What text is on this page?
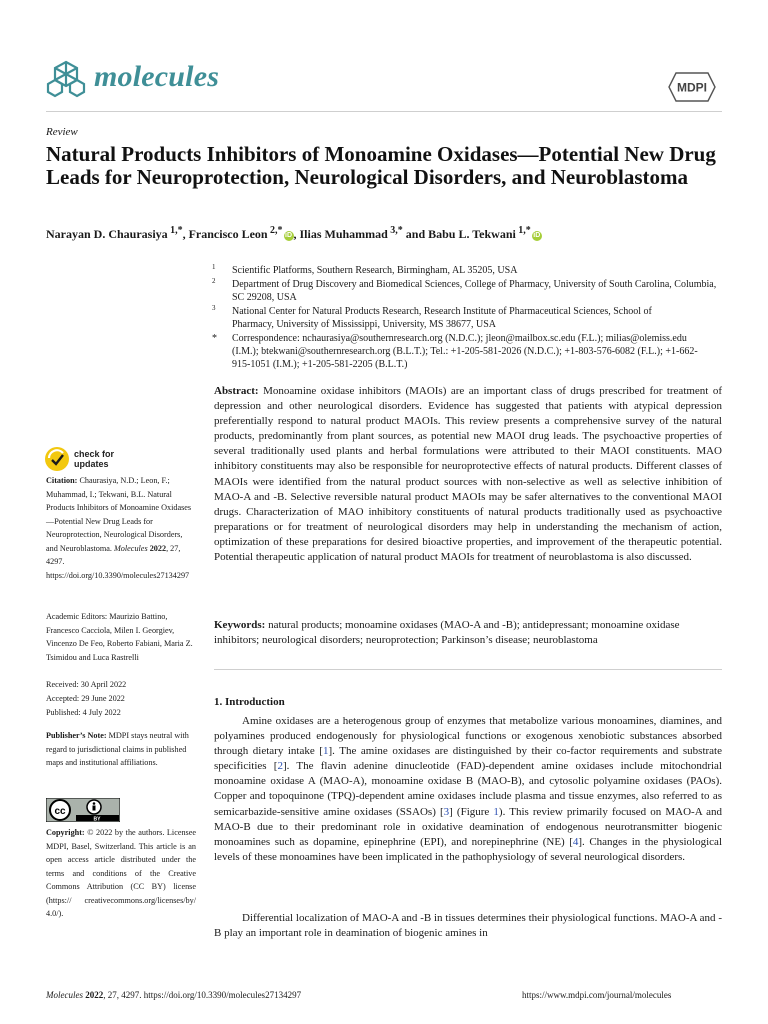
molecules	MDPI
Review
Natural Products Inhibitors of Monoamine Oxidases—Potential New Drug Leads for Neuroprotection, Neurological Disorders, and Neuroblastoma
Narayan D. Chaurasiya  $^{1,*}$, Francisco Leon  $^{2,*}$ iD , Ilias Muhammad  $^{3,*}$ and Babu L. Tekwani  $^{1,*}$ iD
1 Scientific Platforms, Southern Research, Birmingham, AL 35205, USA
2 Department of Drug Discovery and Biomedical Sciences, College of Pharmacy, University of South Carolina, Columbia, SC 29208, USA
3 National Center for Natural Products Research, Research Institute of Pharmaceutical Sciences, School of Pharmacy, University of Mississippi, University, MS 38677, USA
* Correspondence: nchaurasiya@southernresearch.org (N.D.C.); jleon@mailbox.sc.edu (F.L.); milias@olemiss.edu (I.M.); btekwani@southernresearch.org (B.L.T.); Tel.: +1-205-581-2026 (N.D.C.); +1-803-576-6082 (F.L.); +1-662-915-1051 (I.M.); +1-205-581-2205 (B.L.T.)
Abstract: Monoamine oxidase inhibitors (MAOIs) are an important class of drugs prescribed for treatment of depression and other neurological disorders. Evidence has suggested that patients with atypical depression preferentially respond to natural product MAOIs. This review presents a comprehensive survey of the natural products, predominantly from plant sources, as potential new MAOI drug leads. The psychoactive properties of several traditionally used plants and herbal formulations were attributed to their MAOI constituents. MAO inhibitory constituents may also be responsible for neuroprotective effects of natural products. Different classes of MAOIs were identified from the natural product sources with non-selective as well as selective inhibition of MAO-A and -B. Selective reversible natural product MAOIs may be safer alternatives to the conventional MAOI drugs. Characterization of MAO inhibitory constituents of natural products traditionally used as psychoactive preparations or for treatment of neurological disorders may help in understanding the mechanism of action, optimization of these preparations for desired bioactive properties, and improvement of the therapeutic potential. Potential therapeutic application of natural product MAOIs for treatment of neuroblastoma is also discussed.
Keywords: natural products; monoamine oxidases (MAO-A and -B); antidepressant; monoamine oxidase inhibitors; neurological disorders; neuroprotection; Parkinson’s disease; neuroblastoma
1. Introduction
Amine oxidases are a heterogenous group of enzymes that metabolize various monoamines, diamines, and polyamines produced endogenously for physiological functions or exogenous xenobiotic substances absorbed through dietary intake [1]. The amine oxidases are distinguished by their co-factor requirements and substrate specificities [2]. The flavin adenine dinucleotide (FAD)-dependent amine oxidases include mitochondrial monoamine oxidase A (MAO-A), monoamine oxidase B (MAO-B), and cytosolic polyamine oxidases (PAOs). Copper and topoquinone (TPQ)-dependent amine oxidases include plasma and tissue enzymes, also referred to as semicarbazide-sensitive amine oxidases (SSAOs) [3] (Figure 1). This review primarily focused on MAO-A and MAO-B due to their predominant role in oxidative deamination of endogenous neurotransmitter biogenic monoamines such as dopamine, epinephrine (EPI), and norepinephrine (NE) [4]. Changes in the physiological levels of these monoamines have been implicated in the pathophysiology of several neurological disorders.
Differential localization of MAO-A and -B in tissues determines their physiological functions. MAO-A and -B play an important role in deamination of biogenic amines in
check for
updates
Citation: Chaurasiya, N.D.; Leon, F.; Muhammad, I.; Tekwani, B.L. Natural Products Inhibitors of Monoamine Oxidases—Potential New Drug Leads for Neuroprotection, Neurological Disorders, and Neuroblastoma. Molecules 2022, 27, 4297. https://doi.org/10.3390/molecules27134297
Academic Editors: Maurizio Battino, Francesco Cacciola, Milen I. Georgiev, Vincenzo De Feo, Roberto Fabiani, Maria Z. Tsimidou and Luca Rastrelli
Received: 30 April 2022
Accepted: 29 June 2022
Published: 4 July 2022
Publisher’s Note: MDPI stays neutral with regard to jurisdictional claims in published maps and institutional affiliations.
cc
BY
Copyright: © 2022 by the authors. Licensee MDPI, Basel, Switzerland. This article is an open access article distributed under the terms and conditions of the Creative Commons Attribution (CC BY) license (https:// creativecommons.org/licenses/by/ 4.0/).
Molecules 2022, 27, 4297. https://doi.org/10.3390/molecules27134297	https://www.mdpi.com/journal/molecules
